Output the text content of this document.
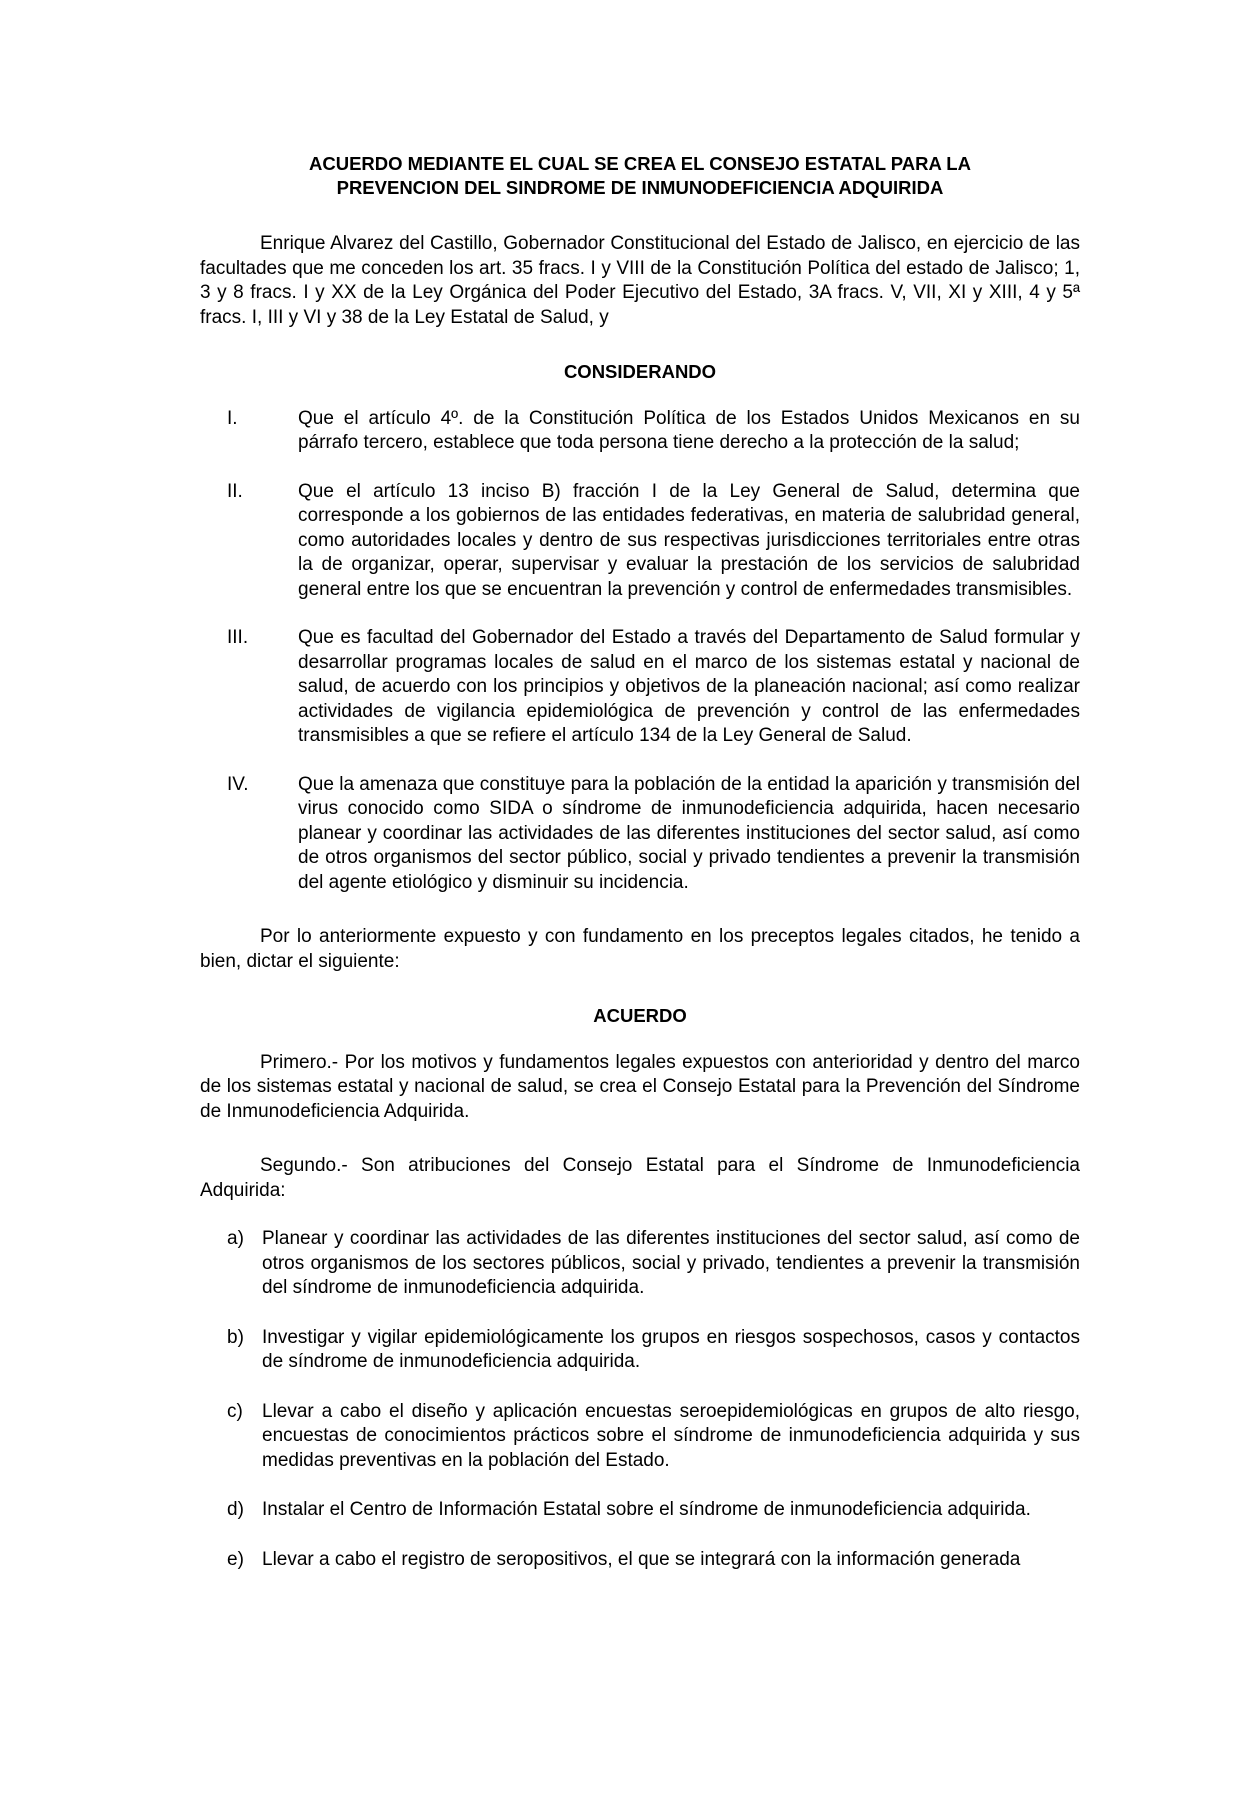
ACUERDO MEDIANTE EL CUAL SE CREA EL CONSEJO ESTATAL PARA LA
PREVENCION DEL SINDROME DE INMUNODEFICIENCIA ADQUIRIDA

Enrique Alvarez del Castillo, Gobernador Constitucional del Estado de Jalisco, en ejercicio de las facultades que me conceden los art. 35 fracs. I y VIII de la Constitución Política del estado de Jalisco; 1, 3 y 8 fracs. I y XX de la Ley Orgánica del Poder Ejecutivo del Estado, 3A fracs. V, VII, XI y XIII, 4 y 5ª fracs. I, III y VI y 38 de la Ley Estatal de Salud, y

CONSIDERANDO
I.	Que el artículo 4º. de la Constitución Política de los Estados Unidos Mexicanos en su párrafo tercero, establece que toda persona tiene derecho a la protección de la salud;
II.	Que el artículo 13 inciso B) fracción I de la Ley General de Salud, determina que corresponde a los gobiernos de las entidades federativas, en materia de salubridad general, como autoridades locales y dentro de sus respectivas jurisdicciones territoriales entre otras la de organizar, operar, supervisar y evaluar la prestación de los servicios de salubridad general entre los que se encuentran la prevención y control de enfermedades transmisibles.
III.	Que es facultad del Gobernador del Estado a través del Departamento de Salud formular y desarrollar programas locales de salud en el marco de los sistemas estatal y nacional de salud, de acuerdo con los principios y objetivos de la planeación nacional; así como realizar actividades de vigilancia epidemiológica de prevención y control de las enfermedades transmisibles a que se refiere el artículo 134 de la Ley General de Salud.
IV.	Que la amenaza que constituye para la población de la entidad la aparición y transmisión del virus conocido como SIDA o síndrome de inmunodeficiencia adquirida, hacen necesario planear y coordinar las actividades de las diferentes instituciones del sector salud, así como de otros organismos del sector público, social y privado tendientes a prevenir la transmisión del agente etiológico y disminuir su incidencia.

Por lo anteriormente expuesto y con fundamento en los preceptos legales citados, he tenido a bien, dictar el siguiente:

ACUERDO

Primero.- Por los motivos y fundamentos legales expuestos con anterioridad y dentro del marco de los sistemas estatal y nacional de salud, se crea el Consejo Estatal para la Prevención del Síndrome de Inmunodeficiencia Adquirida.

Segundo.- Son atribuciones del Consejo Estatal para el Síndrome de Inmunodeficiencia Adquirida:

a) Planear y coordinar las actividades de las diferentes instituciones del sector salud, así como de otros organismos de los sectores públicos, social y privado, tendientes a prevenir la transmisión del síndrome de inmunodeficiencia adquirida.
b) Investigar y vigilar epidemiológicamente los grupos en riesgos sospechosos, casos y contactos de síndrome de inmunodeficiencia adquirida.
c) Llevar a cabo el diseño y aplicación encuestas seroepidemiológicas en grupos de alto riesgo, encuestas de conocimientos prácticos sobre el síndrome de inmunodeficiencia adquirida y sus medidas preventivas en la población del Estado.
d) Instalar el Centro de Información Estatal sobre el síndrome de inmunodeficiencia adquirida.
e) Llevar a cabo el registro de seropositivos, el que se integrará con la información generada
